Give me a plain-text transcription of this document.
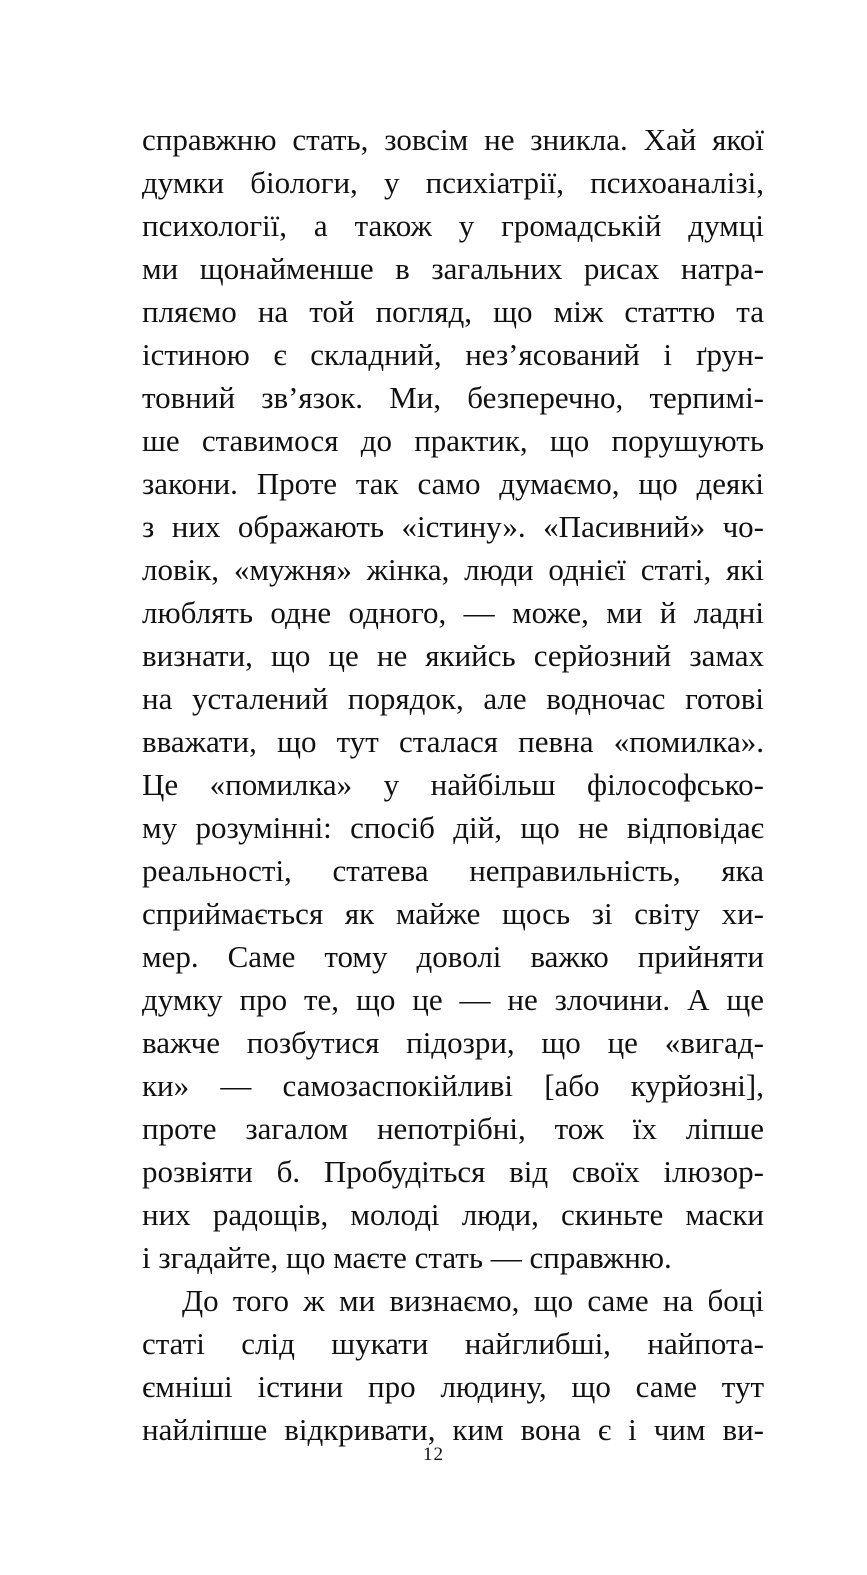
справжню стать, зовсім не зникла. Хай якої
думки біологи, у психіатрії, психоаналізі,
психології, а також у громадській думці
ми щонайменше в загальних рисах натра-
пляємо на той погляд, що між статтю та
істиною є складний, нез’ясований і ґрун-
товний зв’язок. Ми, безперечно, терпимі-
ше ставимося до практик, що порушують
закони. Проте так само думаємо, що деякі
з них ображають «істину». «Пасивний» чо-
ловік, «мужня» жінка, люди однієї статі, які
люблять одне одного, — може, ми й ладні
визнати, що це не якийсь серйозний замах
на усталений порядок, але водночас готові
вважати, що тут сталася певна «помилка».
Це «помилка» у найбільш філософсько-
му розумінні: спосіб дій, що не відповідає
реальності, статева неправильність, яка
сприймається як майже щось зі світу хи-
мер. Саме тому доволі важко прийняти
думку про те, що це — не злочини. А ще
важче позбутися підозри, що це «вигад-
ки» — самозаспокійливі [або курйозні],
проте загалом непотрібні, тож їх ліпше
розвіяти б. Пробудіться від своїх ілюзор-
них радощів, молоді люди, скиньте маски
і згадайте, що маєте стать — справжню.
До того ж ми визнаємо, що саме на боці
статі слід шукати найглибші, найпота-
ємніші істини про людину, що саме тут
найліпше відкривати, ким вона є і чим ви-
12
